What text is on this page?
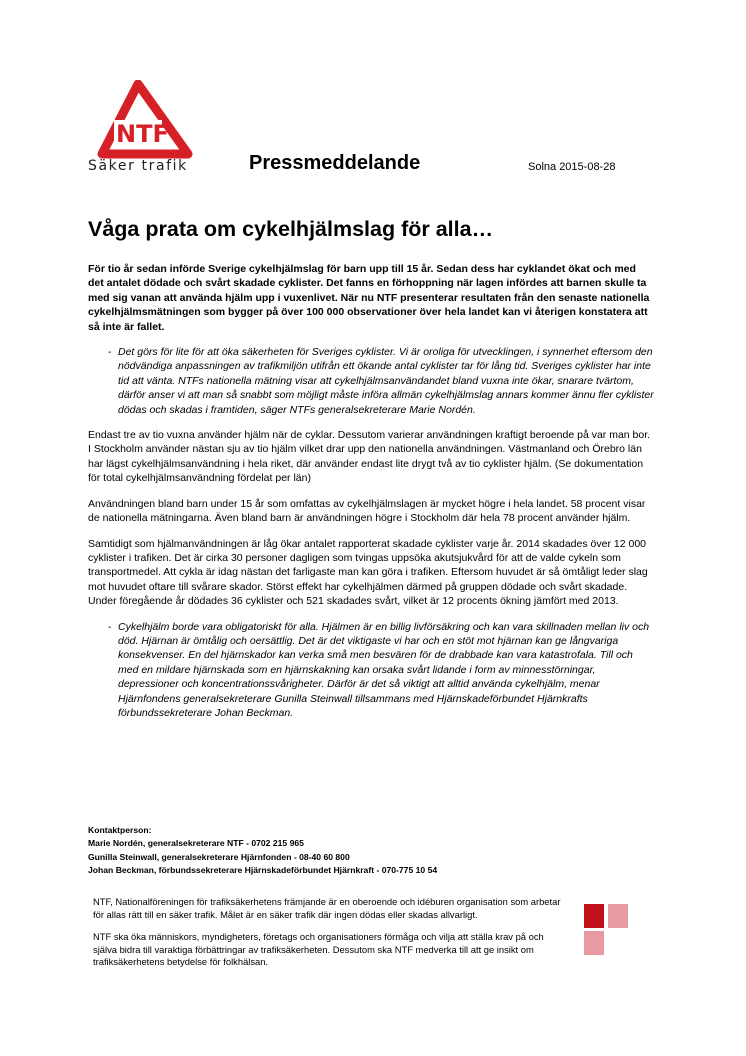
NTF
Säker trafik	Pressmeddelande	Solna 2015-08-28
Våga prata om cykelhjälmslag för alla…

För tio år sedan införde Sverige cykelhjälmslag för barn upp till 15 år. Sedan dess har cyklandet ökat och med det antalet dödade och svårt skadade cyklister. Det fanns en förhoppning när lagen infördes att barnen skulle ta med sig vanan att använda hjälm upp i vuxenlivet. När nu NTF presenterar resultaten från den senaste nationella cykelhjälmsmätningen som bygger på över 100 000 observationer över hela landet kan vi återigen konstatera att så inte är fallet.

- Det görs för lite för att öka säkerheten för Sveriges cyklister. Vi är oroliga för utvecklingen, i synnerhet eftersom den nödvändiga anpassningen av trafikmiljön utifrån ett ökande antal cyklister tar för lång tid. Sveriges cyklister har inte tid att vänta. NTFs nationella mätning visar att cykelhjälmsanvändandet bland vuxna inte ökar, snarare tvärtom, därför anser vi att man så snabbt som möjligt måste införa allmän cykelhjälmslag annars kommer ännu fler cyklister dödas och skadas i framtiden, säger NTFs generalsekreterare Marie Nordén.

Endast tre av tio vuxna använder hjälm när de cyklar. Dessutom varierar användningen kraftigt beroende på var man bor. I Stockholm använder nästan sju av tio hjälm vilket drar upp den nationella användningen. Västmanland och Örebro län har lägst cykelhjälmsanvändning i hela riket, där använder endast lite drygt två av tio cyklister hjälm. (Se dokumentation för total cykelhjälmsanvändning fördelat per län)

Användningen bland barn under 15 år som omfattas av cykelhjälmslagen är mycket högre i hela landet. 58 procent visar de nationella mätningarna. Även bland barn är användningen högre i Stockholm där hela 78 procent använder hjälm.

Samtidigt som hjälmanvändningen är låg ökar antalet rapporterat skadade cyklister varje år. 2014 skadades över 12 000 cyklister i trafiken. Det är cirka 30 personer dagligen som tvingas uppsöka akutsjukvård för att de valde cykeln som transportmedel. Att cykla är idag nästan det farligaste man kan göra i trafiken. Eftersom huvudet är så ömtåligt leder slag mot huvudet oftare till svårare skador. Störst effekt har cykelhjälmen därmed på gruppen dödade och svårt skadade. Under föregående år dödades 36 cyklister och 521 skadades svårt, vilket är 12 procents ökning jämfört med 2013.

- Cykelhjälm borde vara obligatoriskt för alla. Hjälmen är en billig livförsäkring och kan vara skillnaden mellan liv och död. Hjärnan är ömtålig och oersättlig. Det är det viktigaste vi har och en stöt mot hjärnan kan ge långvariga konsekvenser. En del hjärnskador kan verka små men besvären för de drabbade kan vara katastrofala. Till och med en mildare hjärnskada som en hjärnskakning kan orsaka svårt lidande i form av minnesstörningar, depressioner och koncentrationssvårigheter. Därför är det så viktigt att alltid använda cykelhjälm, menar Hjärnfondens generalsekreterare Gunilla Steinwall tillsammans med Hjärnskadeförbundet Hjärnkrafts förbundssekreterare Johan Beckman.
Kontaktperson:
Marie Nordén, generalsekreterare NTF - 0702 215 965
Gunilla Steinwall, generalsekreterare Hjärnfonden - 08-40 60 800
Johan Beckman, förbundssekreterare Hjärnskadeförbundet Hjärnkraft - 070-775 10 54

NTF, Nationalföreningen för trafiksäkerhetens främjande är en oberoende och idéburen organisation som arbetar för allas rätt till en säker trafik. Målet är en säker trafik där ingen dödas eller skadas allvarligt.

NTF ska öka människors, myndigheters, företags och organisationers förmåga och vilja att ställa krav på och själva bidra till varaktiga förbättringar av trafiksäkerheten. Dessutom ska NTF medverka till att ge insikt om trafiksäkerhetens betydelse för folkhälsan.
